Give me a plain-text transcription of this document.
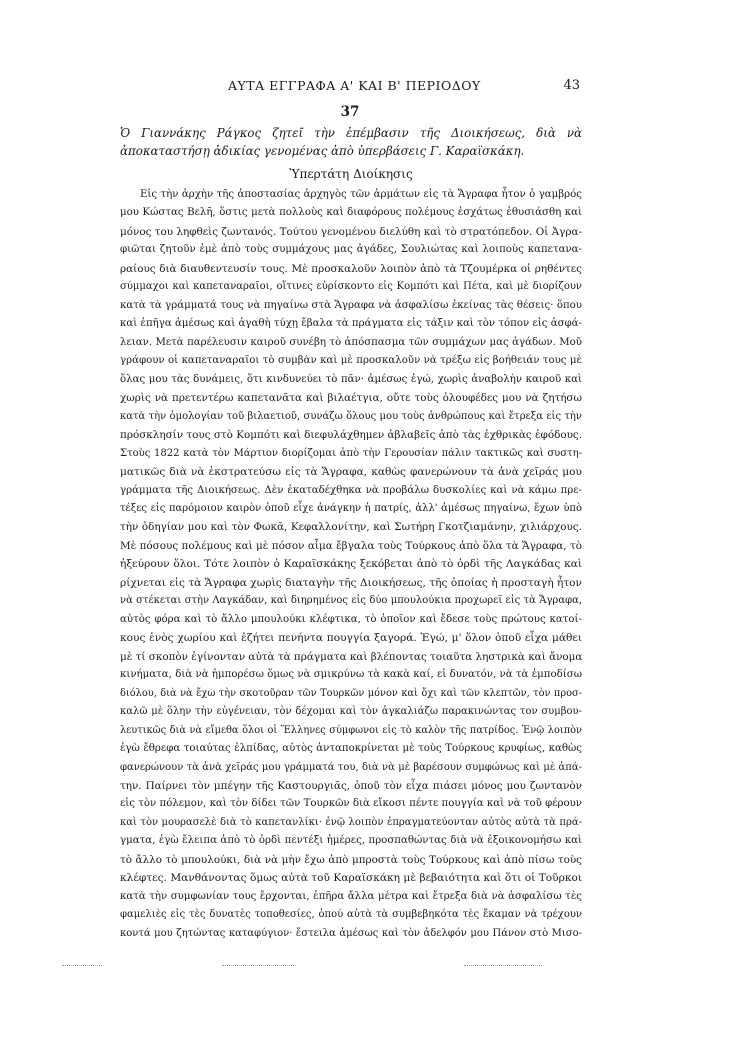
ΑΥΤΑ ΕΓΓΡΑΦΑ Α' ΚΑΙ Β' ΠΕΡΙΟΔΟΥ	43
37
Ὁ Γιαννάκης Ράγκος ζητεῖ τὴν ἐπέμβασιν τῆς Διοικήσεως, διὰ νὰ ἀποκαταστήσῃ ἀδικίας γενομένας ἀπὸ ὑπερβάσεις Γ. Καραϊσκάκη.
Ὑπερτάτη Διοίκησις
Εἰς τὴν ἀρχὴν τῆς ἀποστασίας ἀρχηγὸς τῶν ἁρμάτων εἰς τὰ Ἄγραφα ἦτον ὁ γαμβρός
μου Κώστας Βελῆ, ὅστις μετὰ πολλοὺς καὶ διαφόρους πολέμους ἐσχάτως ἐθυσιάσθη καὶ
μόνος του ληφθεὶς ζωντανός. Τούτου γενομένου διελύθη καὶ τὸ στρατόπεδον. Οἱ Ἀγρα-
φιῶται ζητοῦν ἐμὲ ἀπὸ τοὺς συμμάχους μας ἀγάδες, Σουλιώτας καὶ λοιποὺς καπετανα-
ραίους διὰ διαυθεντευσίν τους. Μὲ προσκαλοῦν λοιπὸν ἀπὸ τὰ Τζουμέρκα οἱ ρηθέντες
σύμμαχοι καὶ καπεταναραῖοι, οἵτινες εὑρίσκοντο εἰς Κομπότι καὶ Πέτα, καὶ μὲ διορίζουν
κατὰ τὰ γράμματά τους νὰ πηγαίνω στὰ Ἄγραφα νὰ ἀσφαλίσω ἐκείνας τὰς θέσεις· ὅπου
καὶ ἐπῆγα ἀμέσως καὶ ἀγαθὴ τύχῃ ἔβαλα τὰ πράγματα εἰς τάξιν καὶ τὸν τόπον εἰς ἀσφά-
λειαν. Μετὰ παρέλευσιν καιροῦ συνέβη τὸ ἀπόσπασμα τῶν συμμάχων μας ἀγάδων. Μοῦ
γράφουν οἱ καπεταναραῖοι τὸ συμβὰν καὶ μὲ προσκαλοῦν νὰ τρέξω εἰς βοήθειάν τους μὲ
ὅλας μου τὰς δυνάμεις, ὅτι κινδυνεύει τὸ πᾶν· ἀμέσως ἐγώ, χωρὶς ἀναβολὴν καιροῦ καὶ
χωρὶς νὰ πρετεντέρω καπετανᾶτα καὶ βιλαέτγια, οὔτε τοὺς ὁλουφέδες μου νὰ ζητήσω
κατὰ τὴν ὁμολογίαν τοῦ βιλαετιοῦ, συνάζω ὅλους μου τοὺς ἀνθρώπους καὶ ἔτρεξα εἰς τὴν
πρόσκλησίν τους στὸ Κομπότι καὶ διεφυλάχθημεν ἀβλαβεῖς ἀπὸ τὰς ἐχθρικὰς ἐφόδους.
Στοὺς 1822 κατὰ τὸν Μάρτιον διορίζομαι ἀπὸ τὴν Γερουσίαν πάλιν τακτικῶς καὶ συστη-
ματικῶς διὰ νὰ ἐκστρατεύσω εἰς τὰ Ἄγραφα, καθὼς φανερώνουν τὰ ἀνὰ χεῖράς μου
γράμματα τῆς Διοικήσεως. Δὲν ἐκαταδέχθηκα νὰ προβάλω δυσκολίες καὶ νὰ κάμω πρε-
τέξες εἰς παρόμοιον καιρὸν ὁποῦ εἶχε ἀνάγκην ἡ πατρίς, ἀλλ' ἀμέσως πηγαίνω, ἔχων ὑπὸ
τὴν ὁδηγίαν μου καὶ τὸν Φωκᾶ, Κεφαλλονίτην, καὶ Σωτήρη Γκοτζιαμάνην, χιλιάρχους.
Μὲ πόσους πολέμους καὶ μὲ πόσον αἷμα ἔβγαλα τοὺς Τούρκους ἀπὸ ὅλα τὰ Ἄγραφα, τὸ
ἠξεύρουν ὅλοι. Τότε λοιπὸν ὁ Καραϊσκάκης ξεκόβεται ἀπὸ τὸ ὀρδὶ τῆς Λαγκάδας καὶ
ρίχνεται εἰς τὰ Ἄγραφα χωρὶς διαταγὴν τῆς Διοικήσεως, τῆς ὁποίας ἡ προσταγὴ ἦτον
νὰ στέκεται στὴν Λαγκάδαν, καὶ διηρημένος εἰς δύο μπουλούκια προχωρεῖ εἰς τὰ Ἄγραφα,
αὐτὸς φόρα καὶ τὸ ἄλλο μπουλούκι κλέφτικα, τὸ ὁποῖον καὶ ἔδεσε τοὺς πρώτους κατοί-
κους ἑνὸς χωρίου καὶ ἐζήτει πενήντα πουγγία ξαγορά. Ἐγώ, μ' ὅλον ὁποῦ εἶχα μάθει
μὲ τί σκοπὸν ἐγίνονταν αὐτὰ τὰ πράγματα καὶ βλέποντας τοιαῦτα ληστρικὰ καὶ ἄνομα
κινήματα, διὰ νὰ ἠμπορέσω ὅμως νὰ σμικρύνω τὰ κακὰ καί, εἰ δυνατόν, νὰ τὰ ἐμποδίσω
διόλου, διὰ νὰ ἔχω τὴν σκοτοῦραν τῶν Τουρκῶν μόνον καὶ ὄχι καὶ τῶν κλεπτῶν, τὸν προσ-
καλῶ μὲ ὅλην τὴν εὐγένειαν, τὸν δέχομαι καὶ τὸν ἀγκαλιάζω παρακινώντας τον συμβου-
λευτικῶς διὰ νὰ εἴμεθα ὅλοι οἱ Ἕλληνες σύμφωνοι εἰς τὸ καλὸν τῆς πατρίδος. Ἐνῷ λοιπὸν
ἐγὼ ἔθρεφα τοιαύτας ἐλπίδας, αὐτὸς ἀνταποκρίνεται μὲ τοὺς Τούρκους κρυφίως, καθὼς
φανερώνουν τὰ ἀνὰ χεῖράς μου γράμματά του, διὰ νὰ μὲ βαρέσουν συμφώνως καὶ μὲ ἀπά-
την. Παίρνει τὸν μπέγην τῆς Καστουργιᾶς, ὁποῦ τὸν εἶχα πιάσει μόνος μου ζωντανὸν
εἰς τὸν πόλεμον, καὶ τὸν δίδει τῶν Τουρκῶν διὰ εἴκοσι πέντε πουγγία καὶ νὰ τοῦ φέρουν
καὶ τὸν μουρασελὲ διὰ τὸ καπετανλίκι· ἐνῷ λοιπὸν ἐπραγματεύονταν αὐτὸς αὐτὰ τὰ πρά-
γματα, ἐγὼ ἔλειπα ἀπὸ τὸ ὀρδὶ πεντέξι ἡμέρες, προσπαθώντας διὰ νὰ ἐξοικονομήσω καὶ
τὸ ἄλλο τὸ μπουλούκι, διὰ νὰ μὴν ἔχω ἀπὸ μπροστὰ τοὺς Τούρκους καὶ ἀπὸ πίσω τοὺς
κλέφτες. Μανθάνοντας ὅμως αὐτὰ τοῦ Καραϊσκάκη μὲ βεβαιότητα καὶ ὅτι οἱ Τοῦρκοι
κατὰ τὴν συμφωνίαν τους ἔρχονται, ἐπῆρα ἄλλα μέτρα καὶ ἔτρεξα διὰ νὰ ἀσφαλίσω τὲς
φαμελιὲς εἰς τὲς δυνατὲς τοποθεσίες, ὁπού αὐτὰ τὰ συμβεβηκότα τὲς ἔκαμαν νὰ τρέχουν
κοντά μου ζητώντας καταφύγιον· ἔστειλα ἀμέσως καὶ τὸν ἀδελφόν μου Πάνον στὸ Μισο-
